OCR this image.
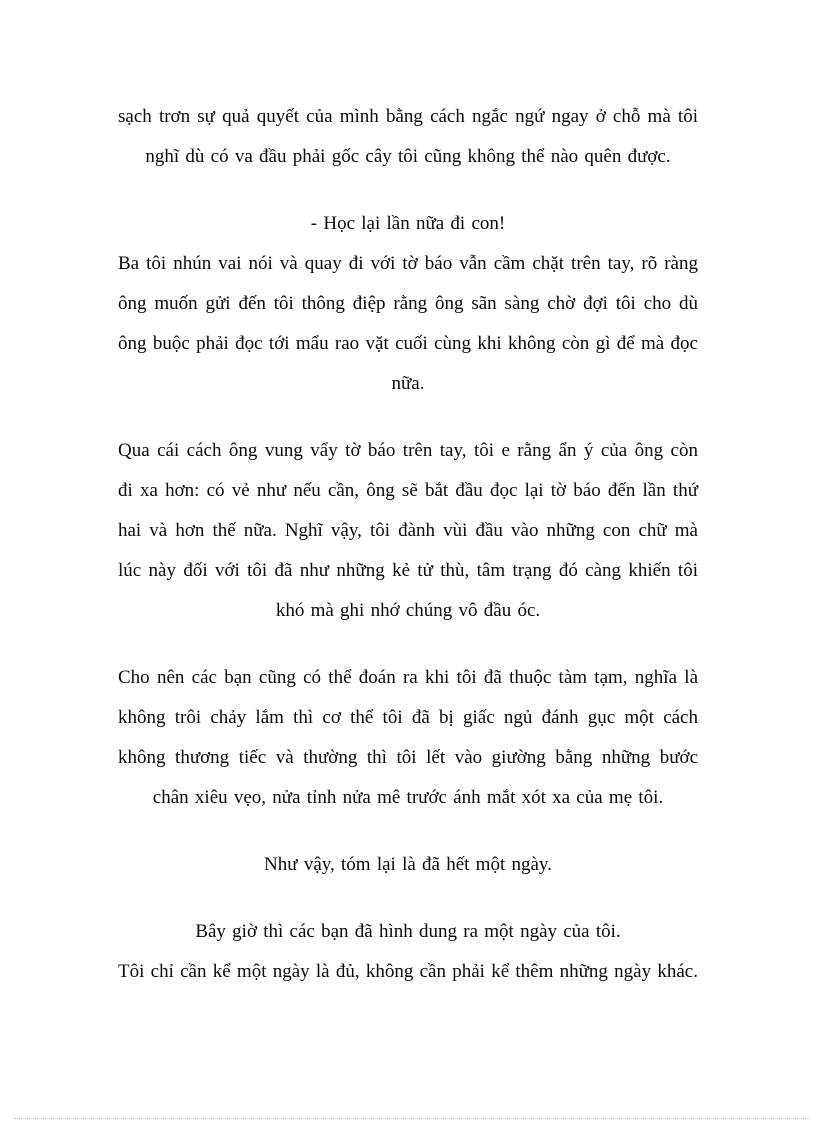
sạch trơn sự quả quyết của mình bằng cách ngắc ngứ ngay ở chỗ mà tôi nghĩ dù có va đầu phải gốc cây tôi cũng không thể nào quên được.

- Học lại lần nữa đi con!

Ba tôi nhún vai nói và quay đi với tờ báo vẫn cầm chặt trên tay, rõ ràng ông muốn gửi đến tôi thông điệp rằng ông sãn sàng chờ đợi tôi cho dù ông buộc phải đọc tới mẩu rao vặt cuối cùng khi không còn gì để mà đọc nữa.

Qua cái cách ông vung vẩy tờ báo trên tay, tôi e rằng ẩn ý của ông còn đi xa hơn: có vẻ như nếu cần, ông sẽ bắt đầu đọc lại tờ báo đến lần thứ hai và hơn thế nữa. Nghĩ vậy, tôi đành vùi đầu vào những con chữ mà lúc này đối với tôi đã như những kẻ tử thù, tâm trạng đó càng khiến tôi khó mà ghi nhớ chúng vô đầu óc.

Cho nên các bạn cũng có thể đoán ra khi tôi đã thuộc tàm tạm, nghĩa là không trôi chảy lắm thì cơ thể tôi đã bị giấc ngủ đánh gục một cách không thương tiếc và thường thì tôi lết vào giường bằng những bước chân xiêu vẹo, nửa tỉnh nửa mê trước ánh mắt xót xa của mẹ tôi.

Như vậy, tóm lại là đã hết một ngày.

Bây giờ thì các bạn đã hình dung ra một ngày của tôi.

Tôi chỉ cần kể một ngày là đủ, không cần phải kể thêm những ngày khác.
